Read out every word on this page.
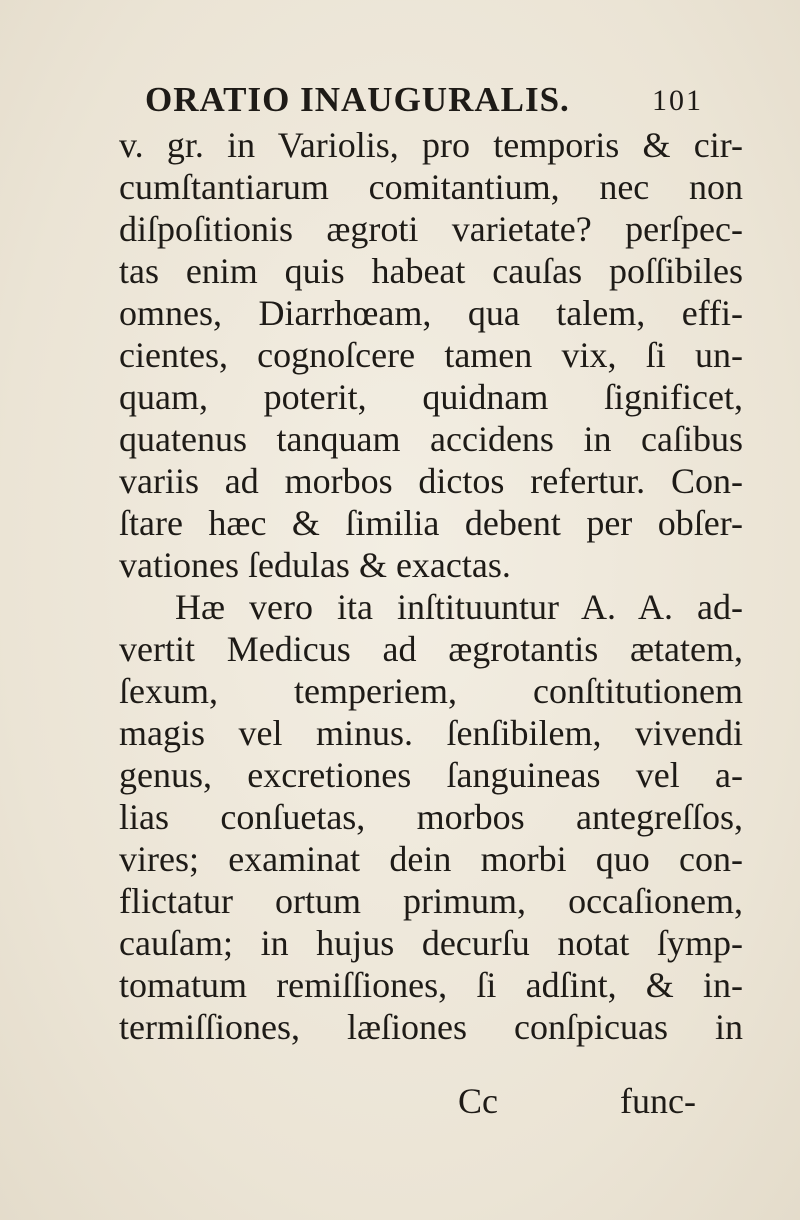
ORATIO INAUGURALIS.	101
v. gr. in Variolis, pro temporis & cir-
cumſtantiarum comitantium, nec non
diſpoſitionis ægroti varietate? perſpec-
tas enim quis habeat cauſas poſſibiles
omnes, Diarrhœam, qua talem, effi-
cientes, cognoſcere tamen vix, ſi un-
quam, poterit, quidnam ſignificet,
quatenus tanquam accidens in caſibus
variis ad morbos dictos refertur. Con-
ſtare hæc & ſimilia debent per obſer-
vationes ſedulas & exactas.
Hæ vero ita inſtituuntur A. A. ad-
vertit Medicus ad ægrotantis ætatem,
ſexum, temperiem, conſtitutionem
magis vel minus. ſenſibilem, vivendi
genus, excretiones ſanguineas vel a-
lias conſuetas, morbos antegreſſos,
vires; examinat dein morbi quo con-
flictatur ortum primum, occaſionem,
cauſam; in hujus decurſu notat ſymp-
tomatum remiſſiones, ſi adſint, & in-
termiſſiones, læſiones conſpicuas in
Cc	func-
